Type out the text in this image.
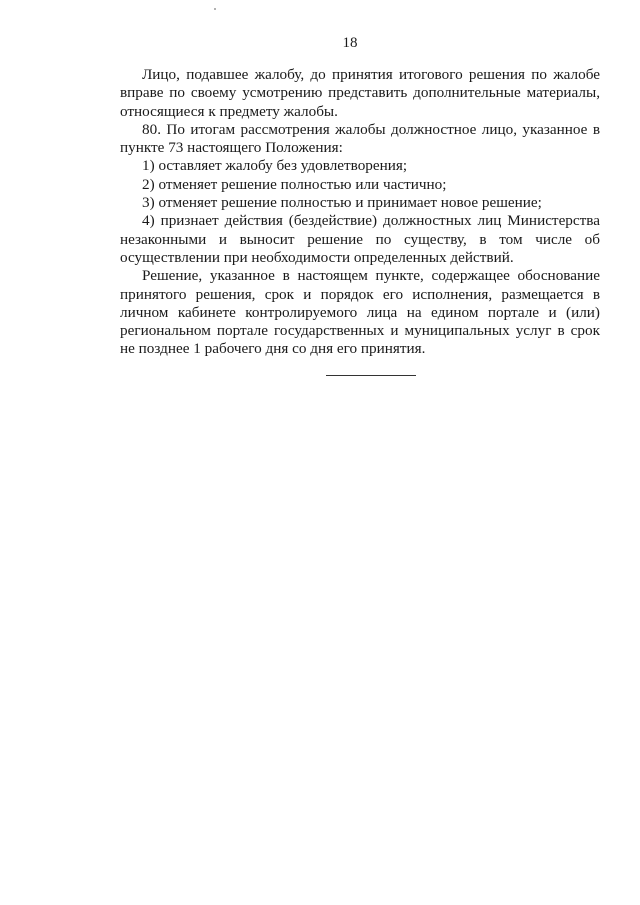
18

Лицо, подавшее жалобу, до принятия итогового решения по жалобе вправе по своему усмотрению представить дополнительные материалы, относящиеся к предмету жалобы.

80. По итогам рассмотрения жалобы должностное лицо, указанное в пункте 73 настоящего Положения:

1) оставляет жалобу без удовлетворения;

2) отменяет решение полностью или частично;

3) отменяет решение полностью и принимает новое решение;

4) признает действия (бездействие) должностных лиц Министерства незаконными и выносит решение по существу, в том числе об осуществлении при необходимости определенных действий.

Решение, указанное в настоящем пункте, содержащее обоснование принятого решения, срок и порядок его исполнения, размещается в личном кабинете контролируемого лица на едином портале и (или) региональном портале государственных и муниципальных услуг в срок не позднее 1 рабочего дня со дня его принятия.
